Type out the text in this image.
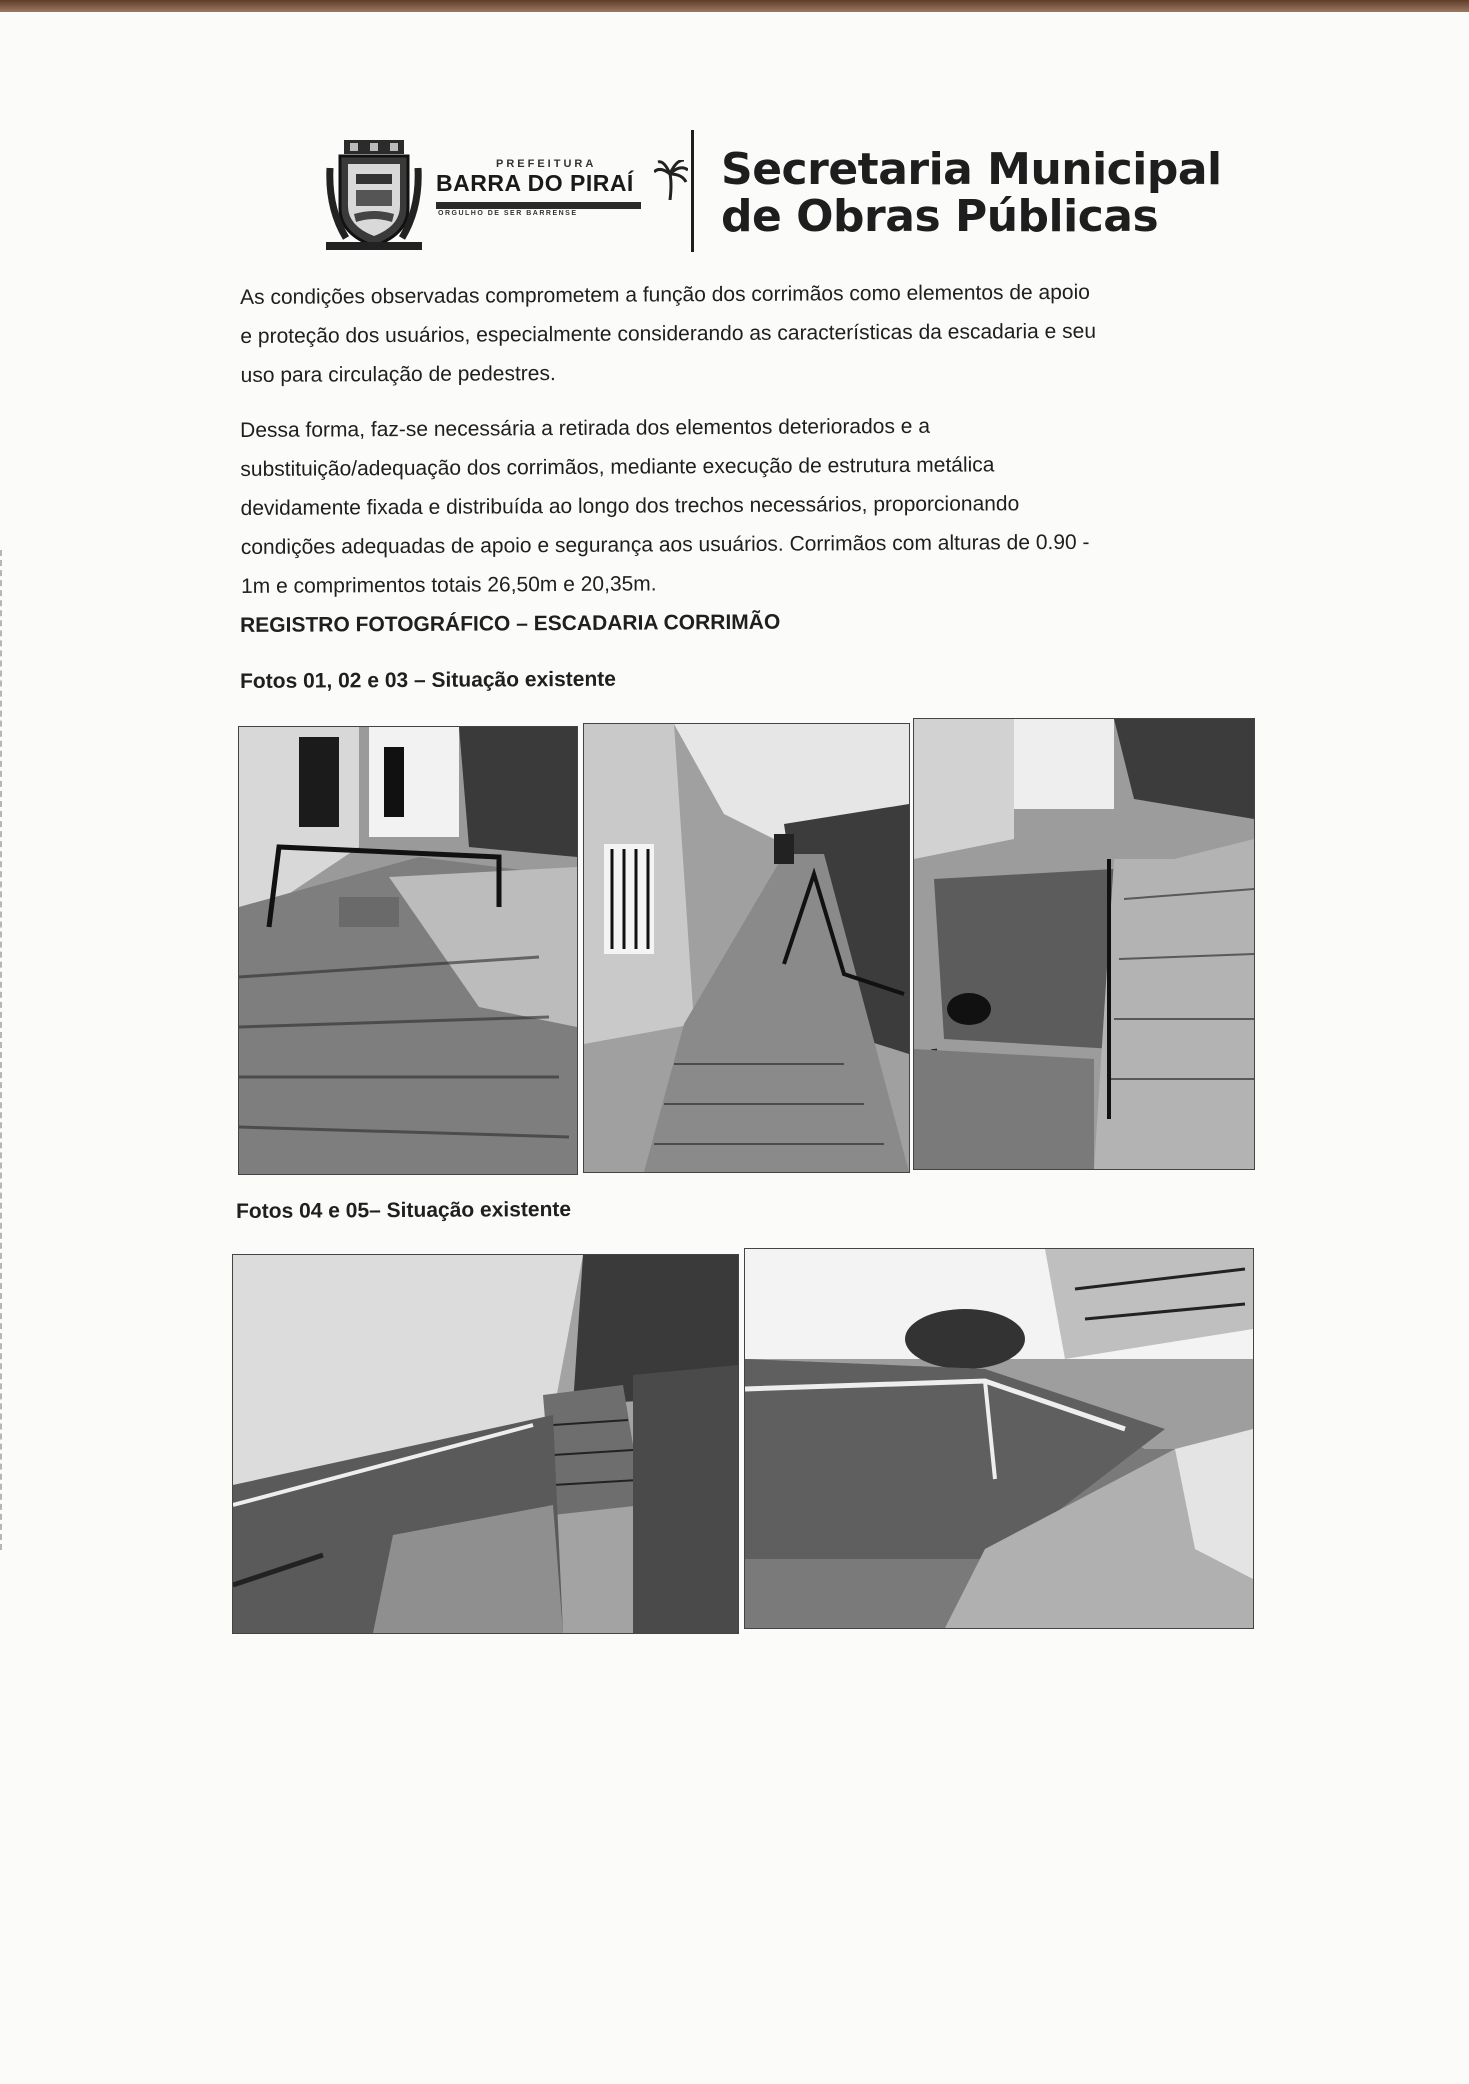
PREFEITURA
BARRA DO PIRAÍ
ORGULHO DE SER BARRENSE
Secretaria Municipal
de Obras Públicas
As condições observadas comprometem a função dos corrimãos como elementos de apoio
e proteção dos usuários, especialmente considerando as características da escadaria e seu
uso para circulação de pedestres.
Dessa forma, faz-se necessária a retirada dos elementos deteriorados e a
substituição/adequação dos corrimãos, mediante execução de estrutura metálica
devidamente fixada e distribuída ao longo dos trechos necessários, proporcionando
condições adequadas de apoio e segurança aos usuários. Corrimãos com alturas de 0.90 -
1m e comprimentos totais 26,50m e 20,35m.
REGISTRO FOTOGRÁFICO – ESCADARIA CORRIMÃO
Fotos 01, 02 e 03 – Situação existente
Fotos 04 e 05– Situação existente
